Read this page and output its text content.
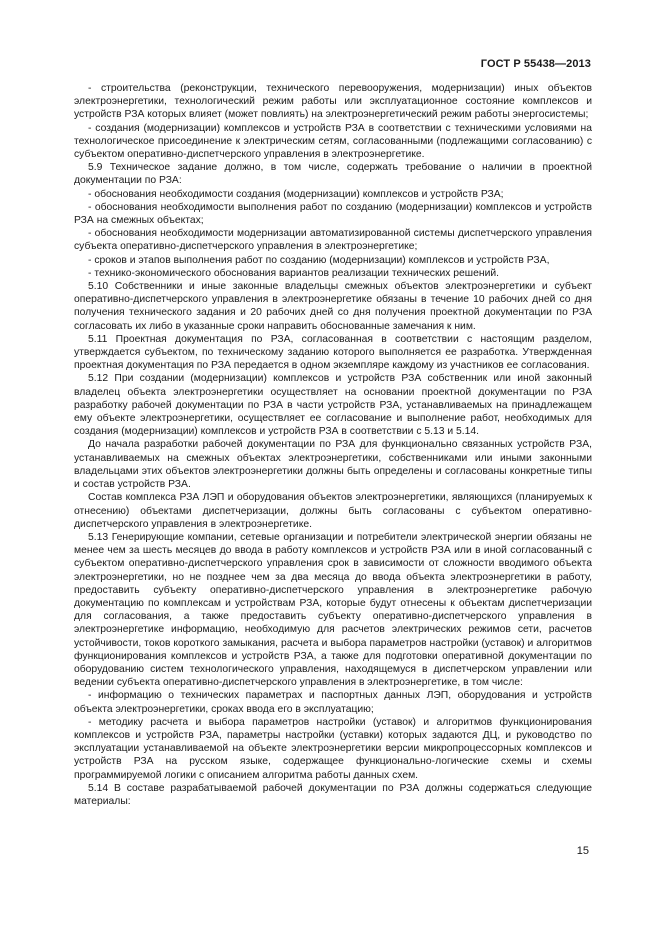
ГОСТ Р 55438—2013

- строительства (реконструкции, технического перевооружения, модернизации) иных объектов электроэнергетики, технологический режим работы или эксплуатационное состояние комплексов и устройств РЗА которых влияет (может повлиять) на электроэнергетический режим работы энергосистемы;

- создания (модернизации) комплексов и устройств РЗА в соответствии с техническими условиями на технологическое присоединение к электрическим сетям, согласованными (подлежащими согласованию) с субъектом оперативно-диспетчерского управления в электроэнергетике.

5.9 Техническое задание должно, в том числе, содержать требование о наличии в проектной документации по РЗА:

- обоснования необходимости создания (модернизации) комплексов и устройств РЗА;

- обоснования необходимости выполнения работ по созданию (модернизации) комплексов и устройств РЗА на смежных объектах;

- обоснования необходимости модернизации автоматизированной системы диспетчерского управления субъекта оперативно-диспетчерского управления в электроэнергетике;

- сроков и этапов выполнения работ по созданию (модернизации) комплексов и устройств РЗА,

- технико-экономического обоснования вариантов реализации технических решений.

5.10 Собственники и иные законные владельцы смежных объектов электроэнергетики и субъект оперативно-диспетчерского управления в электроэнергетике обязаны в течение 10 рабочих дней со дня получения технического задания и 20 рабочих дней со дня получения проектной документации по РЗА согласовать их либо в указанные сроки направить обоснованные замечания к ним.

5.11 Проектная документация по РЗА, согласованная в соответствии с настоящим разделом, утверждается субъектом, по техническому заданию которого выполняется ее разработка. Утвержденная проектная документация по РЗА передается в одном экземпляре каждому из участников ее согласования.

5.12 При создании (модернизации) комплексов и устройств РЗА собственник или иной законный владелец объекта электроэнергетики осуществляет на основании проектной документации по РЗА разработку рабочей документации по РЗА в части устройств РЗА, устанавливаемых на принадлежащем ему объекте электроэнергетики, осуществляет ее согласование и выполнение работ, необходимых для создания (модернизации) комплексов и устройств РЗА в соответствии с 5.13 и 5.14.

До начала разработки рабочей документации по РЗА для функционально связанных устройств РЗА, устанавливаемых на смежных объектах электроэнергетики, собственниками или иными законными владельцами этих объектов электроэнергетики должны быть определены и согласованы конкретные типы и состав устройств РЗА.

Состав комплекса РЗА ЛЭП и оборудования объектов электроэнергетики, являющихся (планируемых к отнесению) объектами диспетчеризации, должны быть согласованы с субъектом оперативно-диспетчерского управления в электроэнергетике.

5.13 Генерирующие компании, сетевые организации и потребители электрической энергии обязаны не менее чем за шесть месяцев до ввода в работу комплексов и устройств РЗА или в иной согласованный с субъектом оперативно-диспетчерского управления срок в зависимости от сложности вводимого объекта электроэнергетики, но не позднее чем за два месяца до ввода объекта электроэнергетики в работу, предоставить субъекту оперативно-диспетчерского управления в электроэнергетике рабочую документацию по комплексам и устройствам РЗА, которые будут отнесены к объектам диспетчеризации для согласования, а также предоставить субъекту оперативно-диспетчерского управления в электроэнергетике информацию, необходимую для расчетов электрических режимов сети, расчетов устойчивости, токов короткого замыкания, расчета и выбора параметров настройки (уставок) и алгоритмов функционирования комплексов и устройств РЗА, а также для подготовки оперативной документации по оборудованию систем технологического управления, находящемуся в диспетчерском управлении или ведении субъекта оперативно-диспетчерского управления в электроэнергетике, в том числе:

- информацию о технических параметрах и паспортных данных ЛЭП, оборудования и устройств объекта электроэнергетики, сроках ввода его в эксплуатацию;

- методику расчета и выбора параметров настройки (уставок) и алгоритмов функционирования комплексов и устройств РЗА, параметры настройки (уставки) которых задаются ДЦ, и руководство по эксплуатации устанавливаемой на объекте электроэнергетики версии микропроцессорных комплексов и устройств РЗА на русском языке, содержащее функционально-логические схемы и схемы программируемой логики с описанием алгоритма работы данных схем.

5.14 В составе разрабатываемой рабочей документации по РЗА должны содержаться следующие материалы:

15
